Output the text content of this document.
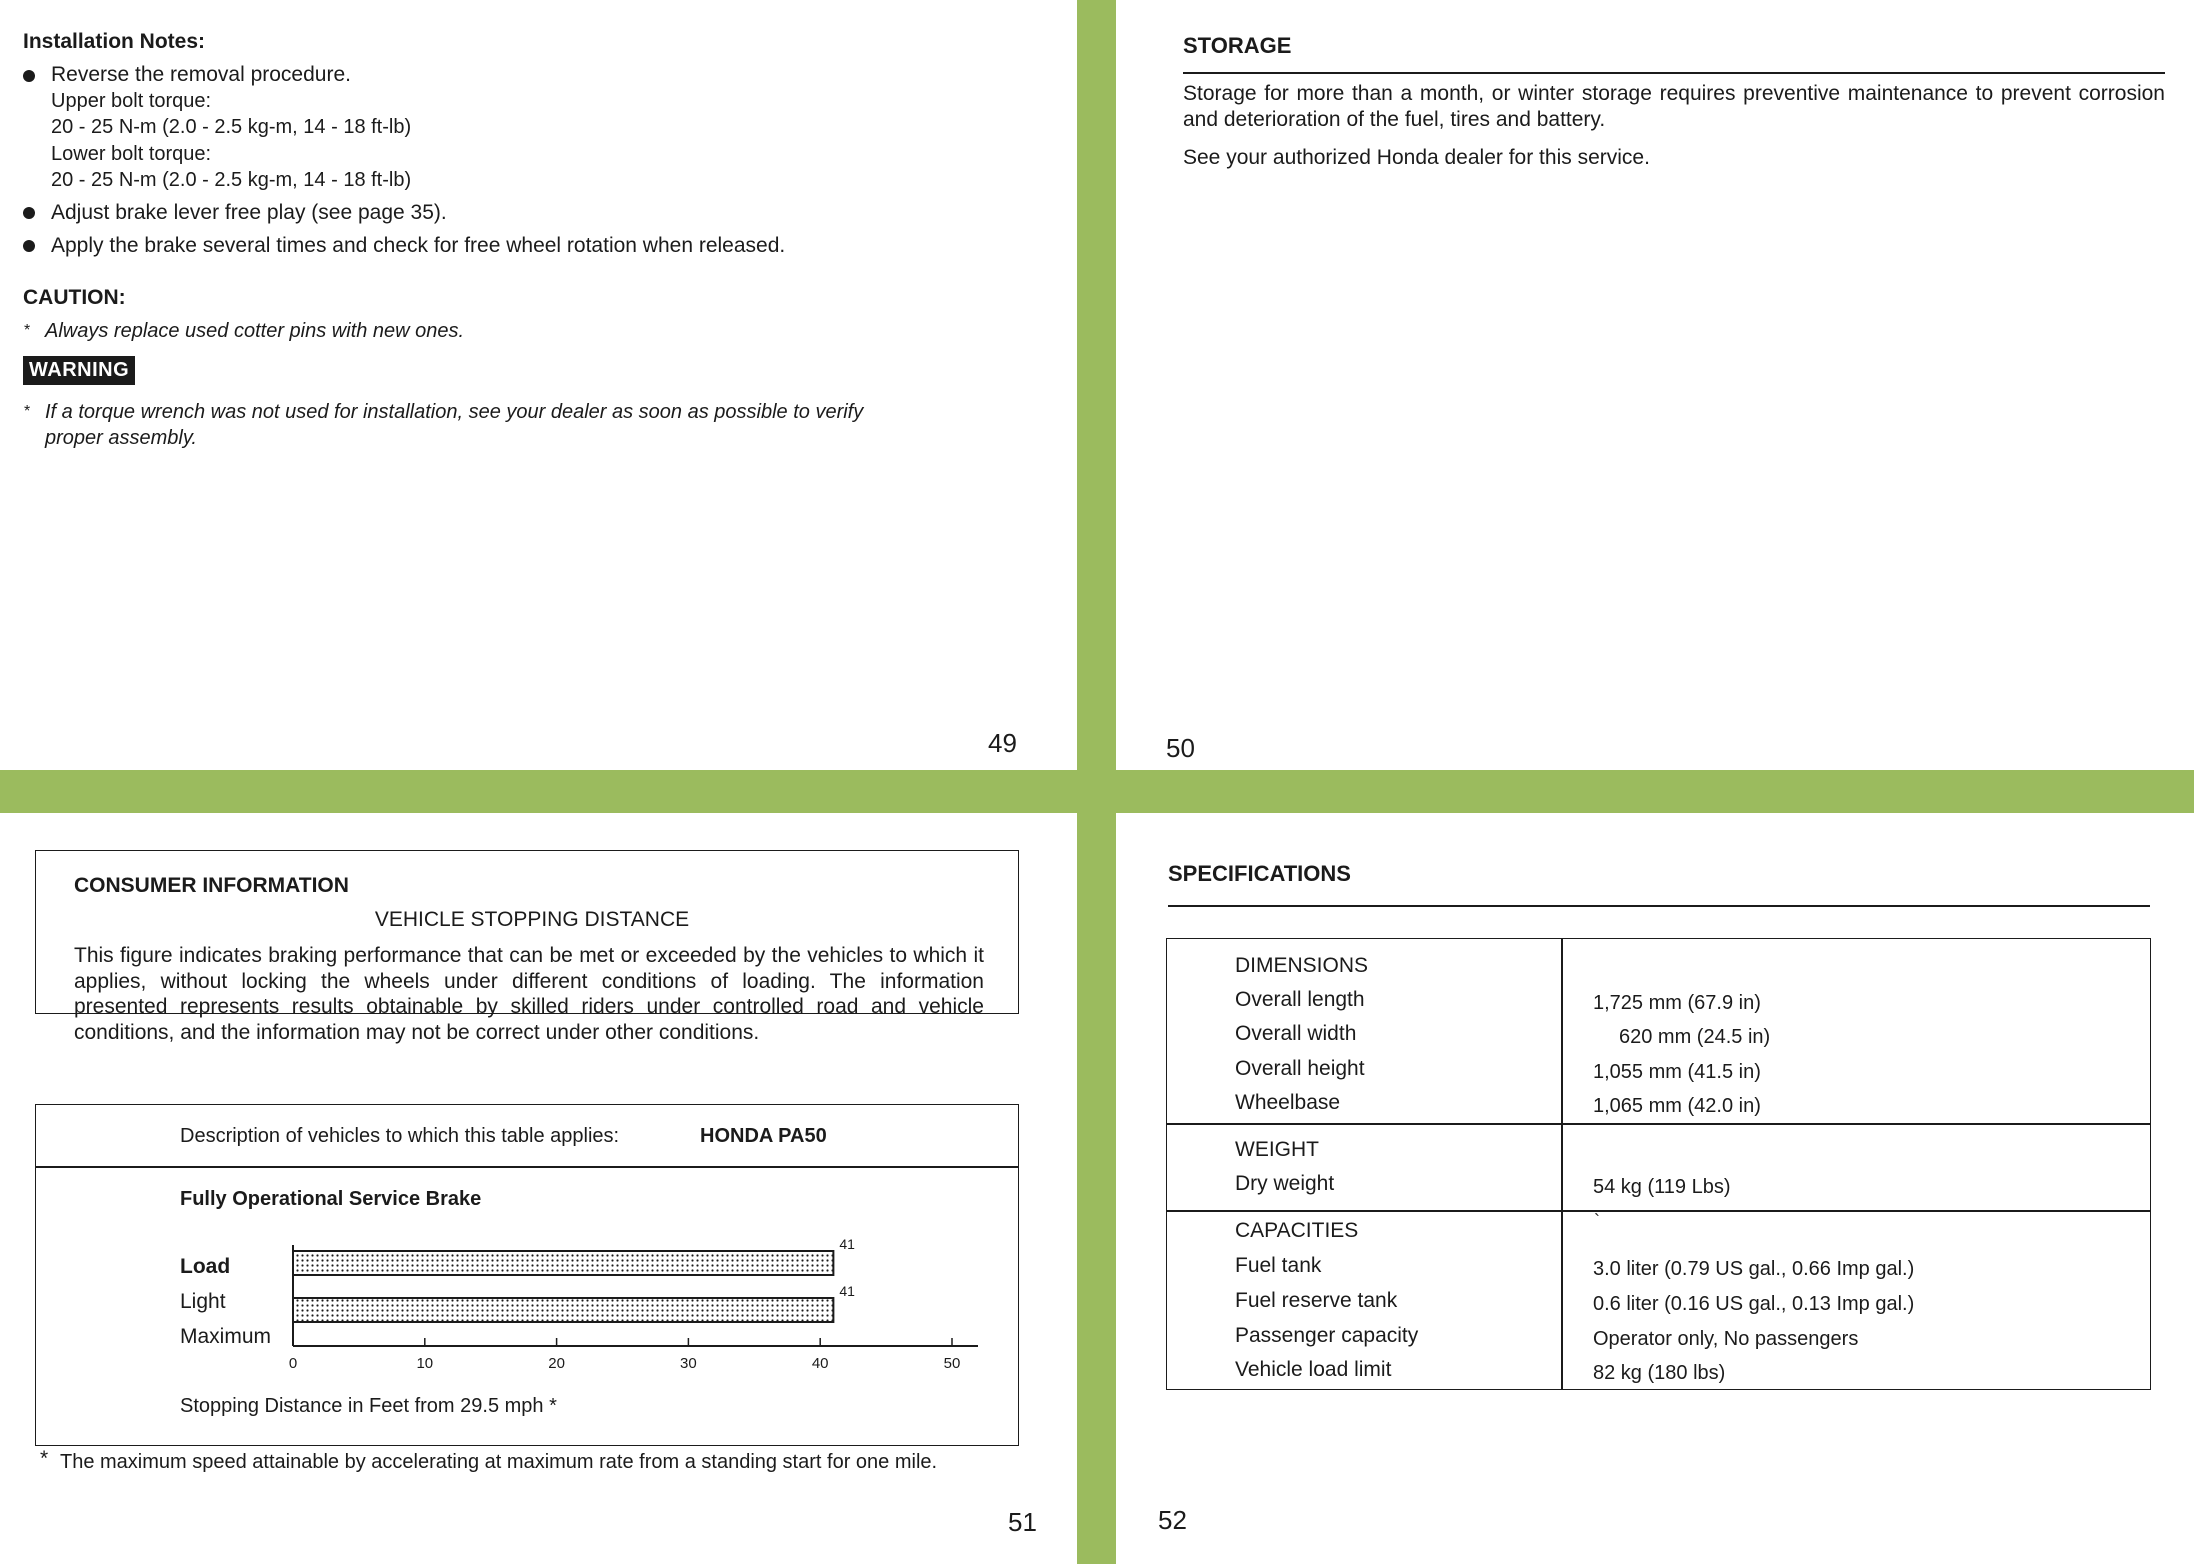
Installation Notes:
Reverse the removal procedure.
Upper bolt torque:
20 - 25 N-m (2.0 - 2.5 kg-m, 14 - 18 ft-lb)
Lower bolt torque:
20 - 25 N-m (2.0 - 2.5 kg-m, 14 - 18 ft-lb)
Adjust brake lever free play (see page 35).
Apply the brake several times and check for free wheel rotation when released.
CAUTION:
* Always replace used cotter pins with new ones.
WARNING
* If a torque wrench was not used for installation, see your dealer as soon as possible to verify
proper assembly.
49
STORAGE
Storage for more than a month, or winter storage requires preventive maintenance to prevent corrosion and deterioration of the fuel, tires and battery.
See your authorized Honda dealer for this service.
50
CONSUMER INFORMATION
VEHICLE STOPPING DISTANCE
This figure indicates braking performance that can be met or exceeded by the vehicles to which it applies, without locking the wheels under different conditions of loading. The information presented represents results obtainable by skilled riders under controlled road and vehicle conditions, and the information may not be correct under other conditions.
Description of vehicles to which this table applies:	HONDA PA50
Fully Operational Service Brake
Load
Light
Maximum
0	10	20	30	40	50
41
41
Stopping Distance in Feet from 29.5 mph *
* The maximum speed attainable by accelerating at maximum rate from a standing start for one mile.
51
SPECIFICATIONS
DIMENSIONS
Overall length	1,725 mm (67.9 in)
Overall width	620 mm (24.5 in)
Overall height	1,055 mm (41.5 in)
Wheelbase	1,065 mm (42.0 in)
WEIGHT
Dry weight	54 kg (119 Lbs)
CAPACITIES	`
Fuel tank	3.0 liter (0.79 US gal., 0.66 Imp gal.)
Fuel reserve tank	0.6 liter (0.16 US gal., 0.13 Imp gal.)
Passenger capacity	Operator only, No passengers
Vehicle load limit	82 kg (180 lbs)
52
